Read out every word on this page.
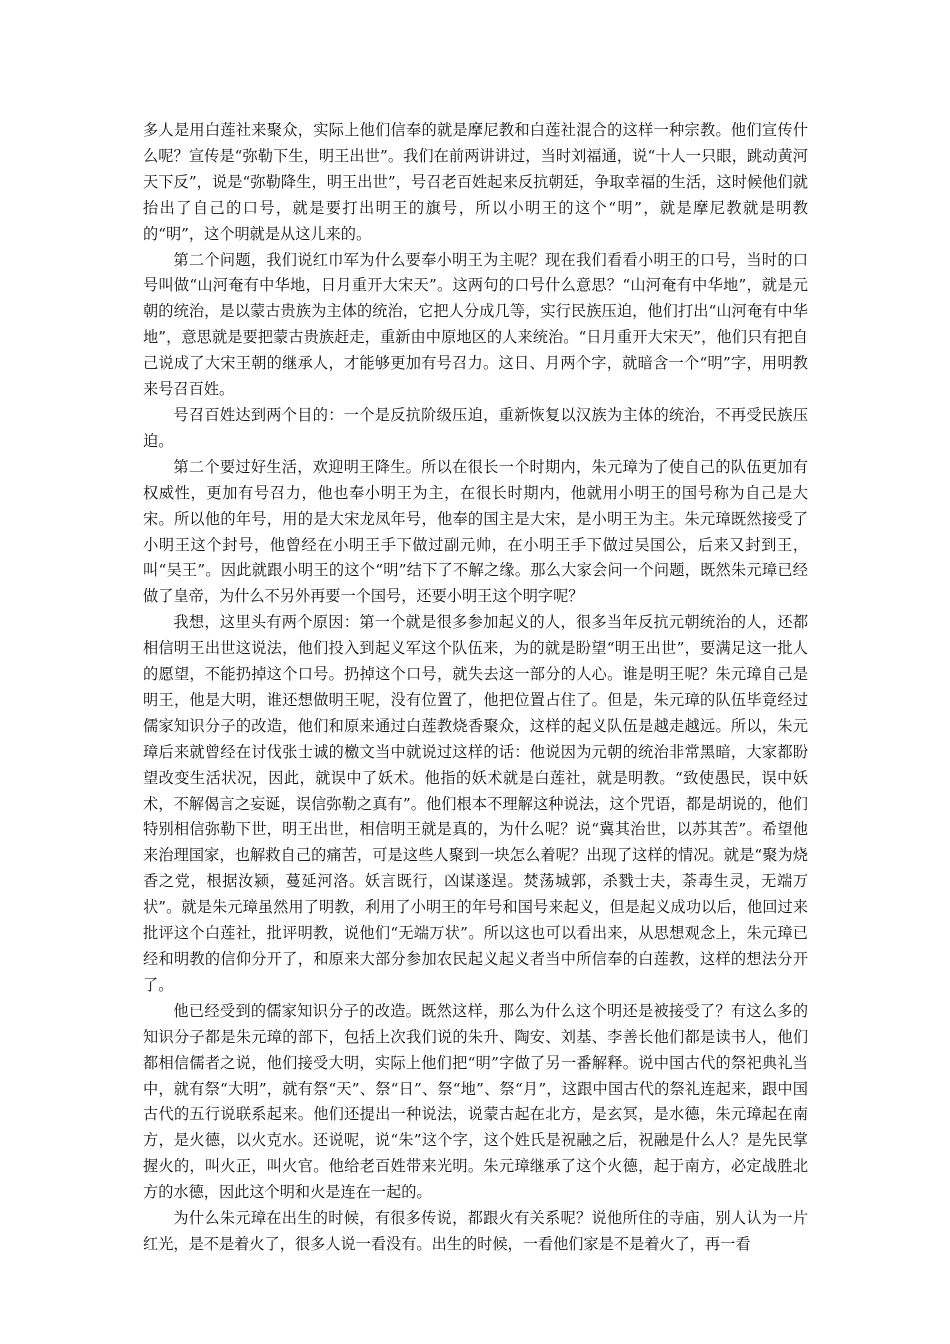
多人是用白莲社来聚众，实际上他们信奉的就是摩尼教和白莲社混合的这样一种宗教。他们宣传什么呢？宣传是“弥勒下生，明王出世”。我们在前两讲讲过，当时刘福通，说“十人一只眼，跳动黄河天下反”，说是“弥勒降生，明王出世”，号召老百姓起来反抗朝廷，争取幸福的生活，这时候他们就抬出了自己的口号，就是要打出明王的旗号，所以小明王的这个“明”，就是摩尼教就是明教的“明”，这个明就是从这儿来的。

第二个问题，我们说红巾军为什么要奉小明王为主呢？现在我们看看小明王的口号，当时的口号叫做“山河奄有中华地，日月重开大宋天”。这两句的口号什么意思？“山河奄有中华地”，就是元朝的统治，是以蒙古贵族为主体的统治，它把人分成几等，实行民族压迫，他们打出“山河奄有中华地”，意思就是要把蒙古贵族赶走，重新由中原地区的人来统治。“日月重开大宋天”，他们只有把自己说成了大宋王朝的继承人，才能够更加有号召力。这日、月两个字，就暗含一个“明”字，用明教来号召百姓。

号召百姓达到两个目的：一个是反抗阶级压迫，重新恢复以汉族为主体的统治，不再受民族压迫。

第二个要过好生活，欢迎明王降生。所以在很长一个时期内，朱元璋为了使自己的队伍更加有权威性，更加有号召力，他也奉小明王为主，在很长时期内，他就用小明王的国号称为自己是大宋。所以他的年号，用的是大宋龙凤年号，他奉的国主是大宋，是小明王为主。朱元璋既然接受了小明王这个封号，他曾经在小明王手下做过副元帅，在小明王手下做过吴国公，后来又封到王，叫“吴王”。因此就跟小明王的这个“明”结下了不解之缘。那么大家会问一个问题，既然朱元璋已经做了皇帝，为什么不另外再要一个国号，还要小明王这个明字呢？

我想，这里头有两个原因：第一个就是很多参加起义的人，很多当年反抗元朝统治的人，还都相信明王出世这说法，他们投入到起义军这个队伍来，为的就是盼望“明王出世”，要满足这一批人的愿望，不能扔掉这个口号。扔掉这个口号，就失去这一部分的人心。谁是明王呢？朱元璋自己是明王，他是大明，谁还想做明王呢，没有位置了，他把位置占住了。但是，朱元璋的队伍毕竟经过儒家知识分子的改造，他们和原来通过白莲教烧香聚众，这样的起义队伍是越走越远。所以，朱元璋后来就曾经在讨伐张士诚的檄文当中就说过这样的话：他说因为元朝的统治非常黑暗，大家都盼望改变生活状况，因此，就误中了妖术。他指的妖术就是白莲社，就是明教。“致使愚民，误中妖术，不解偈言之妄诞，误信弥勒之真有”。他们根本不理解这种说法，这个咒语，都是胡说的，他们特别相信弥勒下世，明王出世，相信明王就是真的，为什么呢？说“冀其治世，以苏其苦”。希望他来治理国家，也解救自己的痛苦，可是这些人聚到一块怎么着呢？出现了这样的情况。就是“聚为烧香之党，根据汝颍，蔓延河洛。妖言既行，凶谋遂逞。焚荡城郭，杀戮士夫，荼毒生灵，无端万状”。就是朱元璋虽然用了明教，利用了小明王的年号和国号来起义，但是起义成功以后，他回过来批评这个白莲社，批评明教，说他们“无端万状”。所以这也可以看出来，从思想观念上，朱元璋已经和明教的信仰分开了，和原来大部分参加农民起义起义者当中所信奉的白莲教，这样的想法分开了。

他已经受到的儒家知识分子的改造。既然这样，那么为什么这个明还是被接受了？有这么多的知识分子都是朱元璋的部下，包括上次我们说的朱升、陶安、刘基、李善长他们都是读书人，他们都相信儒者之说，他们接受大明，实际上他们把“明”字做了另一番解释。说中国古代的祭祀典礼当中，就有祭“大明”，就有祭“天”、祭“日”、祭“地”、祭“月”，这跟中国古代的祭礼连起来，跟中国古代的五行说联系起来。他们还提出一种说法，说蒙古起在北方，是玄冥，是水德，朱元璋起在南方，是火德，以火克水。还说呢，说“朱”这个字，这个姓氏是祝融之后，祝融是什么人？是先民掌握火的，叫火正，叫火官。他给老百姓带来光明。朱元璋继承了这个火德，起于南方，必定战胜北方的水德，因此这个明和火是连在一起的。

为什么朱元璋在出生的时候，有很多传说，都跟火有关系呢？说他所住的寺庙，别人认为一片红光，是不是着火了，很多人说一看没有。出生的时候，一看他们家是不是着火了，再一看
